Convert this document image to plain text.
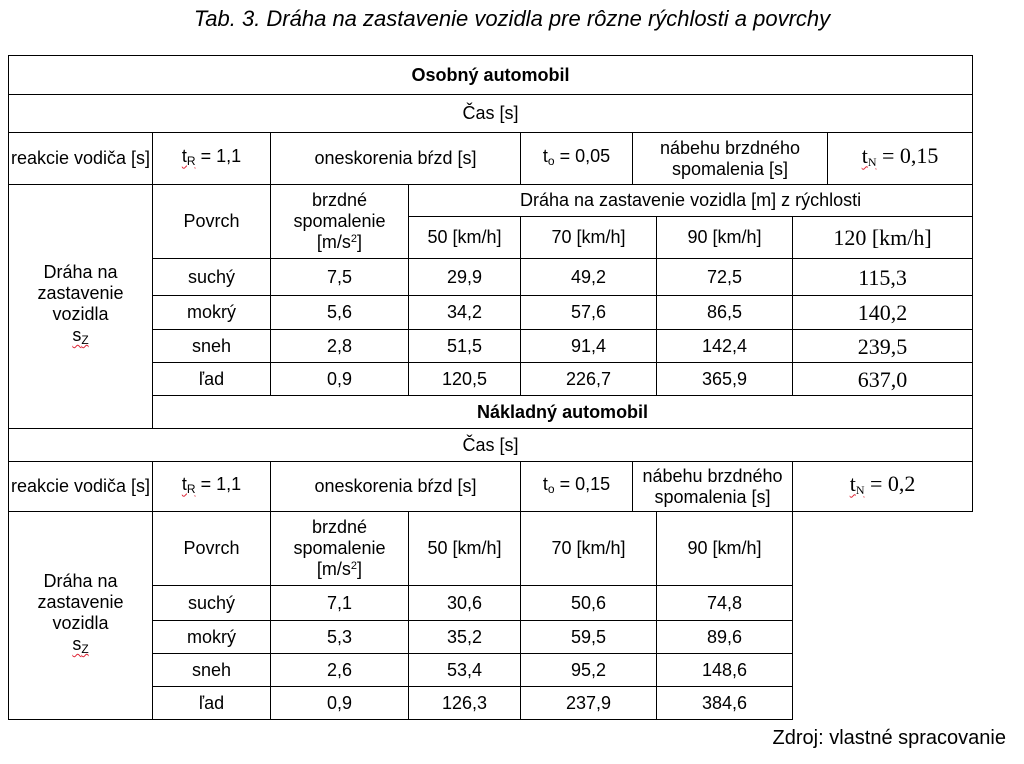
Tab. 3. Dráha na zastavenie vozidla pre rôzne rýchlosti a povrchy
Osobný automobil								
Čas [s]								
reakcie vodiča [s]	$t_R = 1,1$	oneskorenia bŕzd [s]		$t_o = 0,05$	nábehu brzdného spomalenia [s]			$t_N = 0,15$
Dráha na zastavenie vozidla
$s_Z$	Povrch	brzdné spomalenie $[m/s^2]$	Dráha na zastavenie vozidla [m] z rýchlosti					
			50 [km/h]	70 [km/h]		90 [km/h]	120 [km/h]	
	suchý	7,5	29,9	49,2		72,5	115,3	
	mokrý	5,6	34,2	57,6		86,5	140,2	
	sneh	2,8	51,5	91,4		142,4	239,5	
	ľad	0,9	120,5	226,7		365,9	637,0	
	Nákladný automobil							
Čas [s]								
reakcie vodiča [s]	$t_R = 1,1$	oneskorenia bŕzd [s]		$t_o = 0,15$	nábehu brzdného spomalenia [s]		$t_N = 0,2$	
Dráha na zastavenie vozidla
$s_Z$	Povrch	brzdné spomalenie $[m/s^2]$	50 [km/h]	70 [km/h]		90 [km/h]		
	suchý	7,1	30,6	50,6		74,8		
	mokrý	5,3	35,2	59,5		89,6		
	sneh	2,6	53,4	95,2		148,6		
	ľad	0,9	126,3	237,9		384,6		
Zdroj: vlastné spracovanie
